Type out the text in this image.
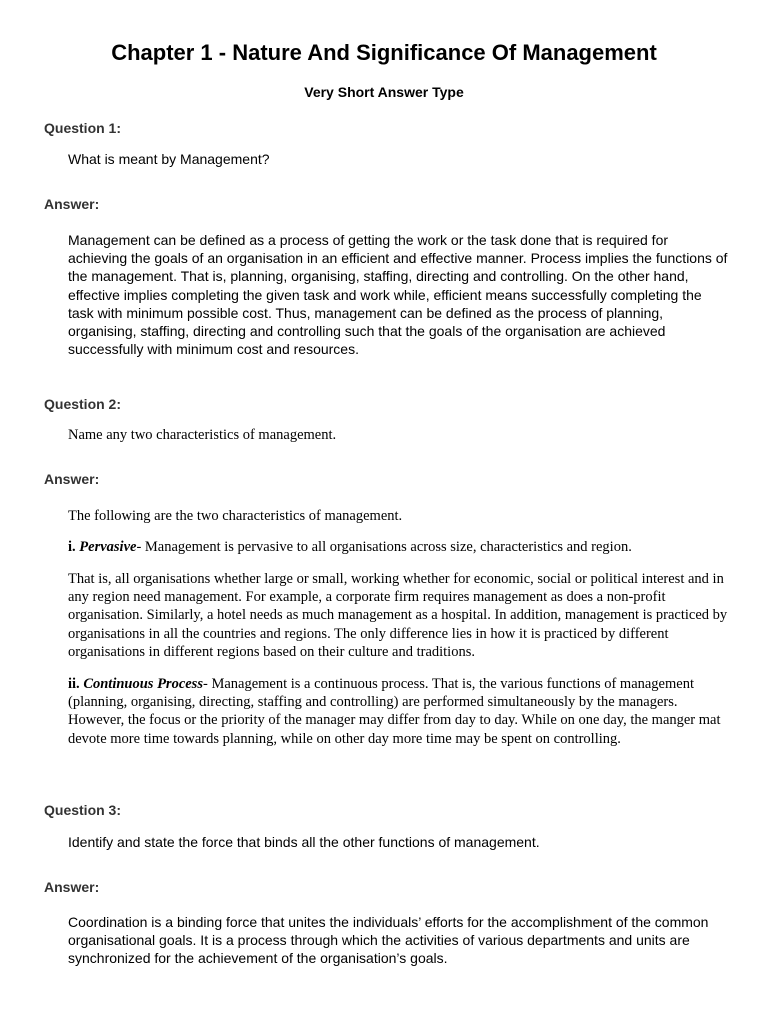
Chapter 1 - Nature And Significance Of Management
Very Short Answer Type
Question 1:

What is meant by Management?

Answer:

Management can be defined as a process of getting the work or the task done that is required for achieving the goals of an organisation in an efficient and effective manner. Process implies the functions of the management. That is, planning, organising, staffing, directing and controlling. On the other hand, effective implies completing the given task and work while, efficient means successfully completing the task with minimum possible cost. Thus, management can be defined as the process of planning, organising, staffing, directing and controlling such that the goals of the organisation are achieved successfully with minimum cost and resources.

Question 2:

Name any two characteristics of management.

Answer:

The following are the two characteristics of management.

i. Pervasive- Management is pervasive to all organisations across size, characteristics and region.

That is, all organisations whether large or small, working whether for economic, social or political interest and in any region need management. For example, a corporate firm requires management as does a non-profit organisation. Similarly, a hotel needs as much management as a hospital. In addition, management is practiced by organisations in all the countries and regions. The only difference lies in how it is practiced by different organisations in different regions based on their culture and traditions.

ii. Continuous Process- Management is a continuous process. That is, the various functions of management (planning, organising, directing, staffing and controlling) are performed simultaneously by the managers. However, the focus or the priority of the manager may differ from day to day. While on one day, the manger mat devote more time towards planning, while on other day more time may be spent on controlling.

Question 3:

Identify and state the force that binds all the other functions of management.

Answer:

Coordination is a binding force that unites the individuals’ efforts for the accomplishment of the common organisational goals. It is a process through which the activities of various departments and units are synchronized for the achievement of the organisation’s goals.
